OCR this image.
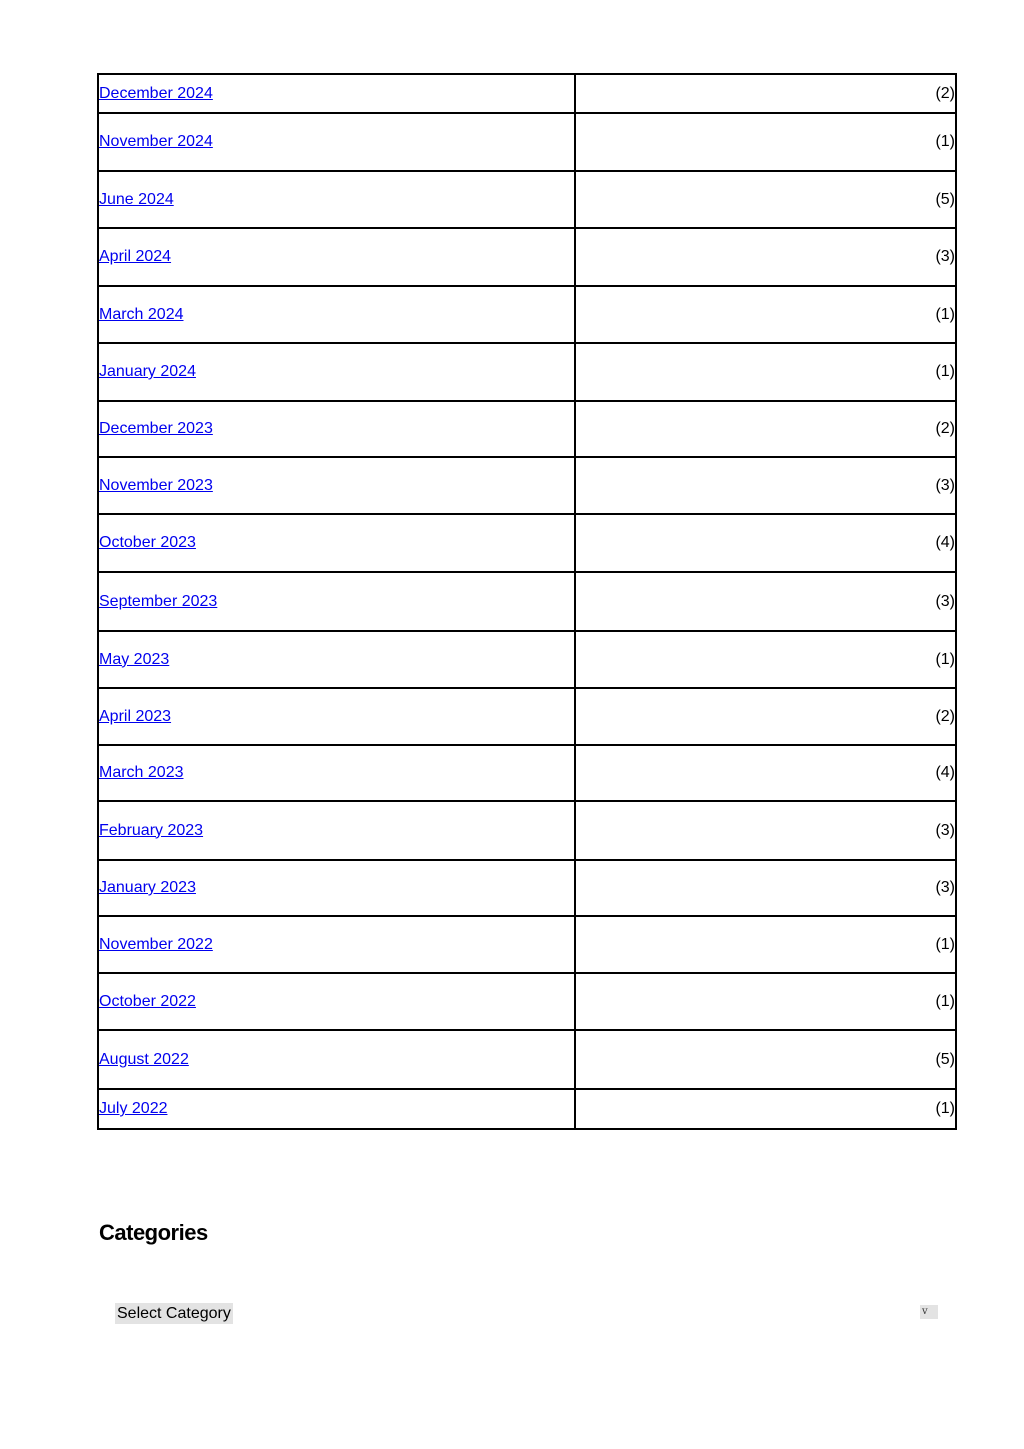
December 2024	(2)
November 2024	(1)
June 2024	(5)
April 2024	(3)
March 2024	(1)
January 2024	(1)
December 2023	(2)
November 2023	(3)
October 2023	(4)
September 2023	(3)
May 2023	(1)
April 2023	(2)
March 2023	(4)
February 2023	(3)
January 2023	(3)
November 2022	(1)
October 2022	(1)
August 2022	(5)
July 2022	(1)
Categories
Select Category	v
